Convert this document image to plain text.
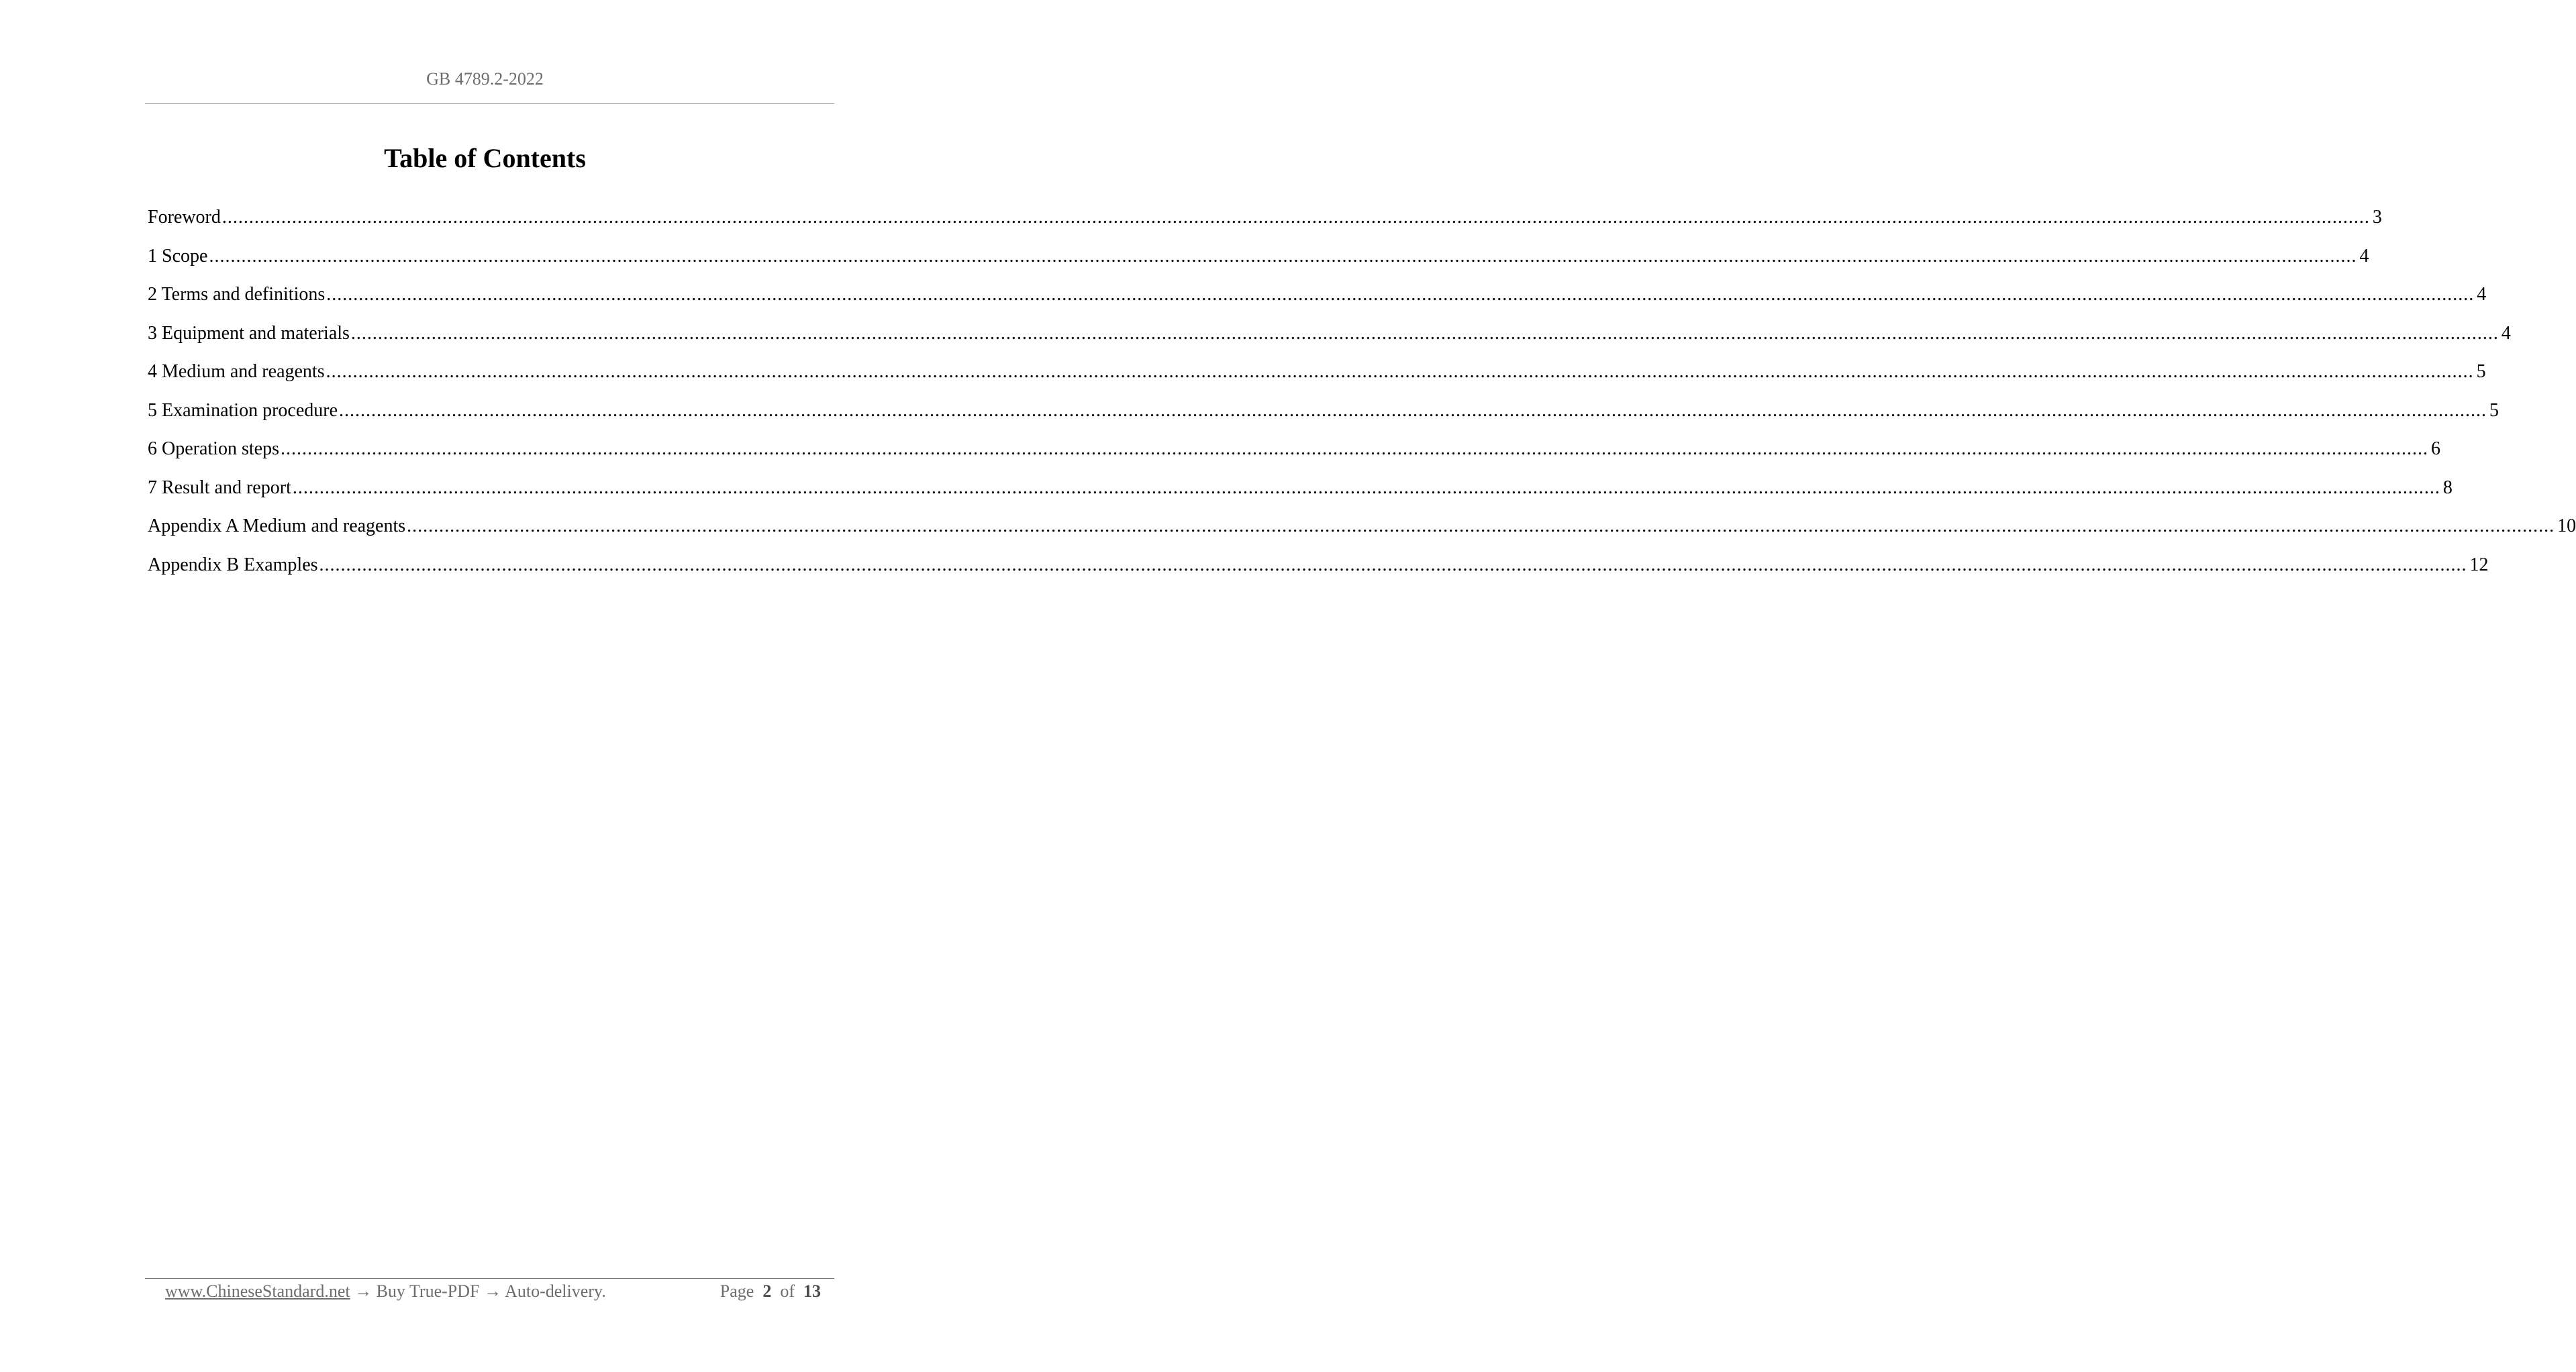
GB 4789.2-2022
Table of Contents
Foreword ................................................................................................................................................................................................................................................................................................................................................................................................................ 3
1 Scope ................................................................................................................................................................................................................................................................................................................................................................................................................ 4
2 Terms and definitions ................................................................................................................................................................................................................................................................................................................................................................................................................ 4
3 Equipment and materials ................................................................................................................................................................................................................................................................................................................................................................................................................ 4
4 Medium and reagents ................................................................................................................................................................................................................................................................................................................................................................................................................ 5
5 Examination procedure ................................................................................................................................................................................................................................................................................................................................................................................................................ 5
6 Operation steps ................................................................................................................................................................................................................................................................................................................................................................................................................ 6
7 Result and report ................................................................................................................................................................................................................................................................................................................................................................................................................ 8
Appendix A Medium and reagents ................................................................................................................................................................................................................................................................................................................................................................................................................ 10
Appendix B Examples ................................................................................................................................................................................................................................................................................................................................................................................................................ 12
www.ChineseStandard.net → Buy True-PDF → Auto-delivery.	Page 2 of 13
